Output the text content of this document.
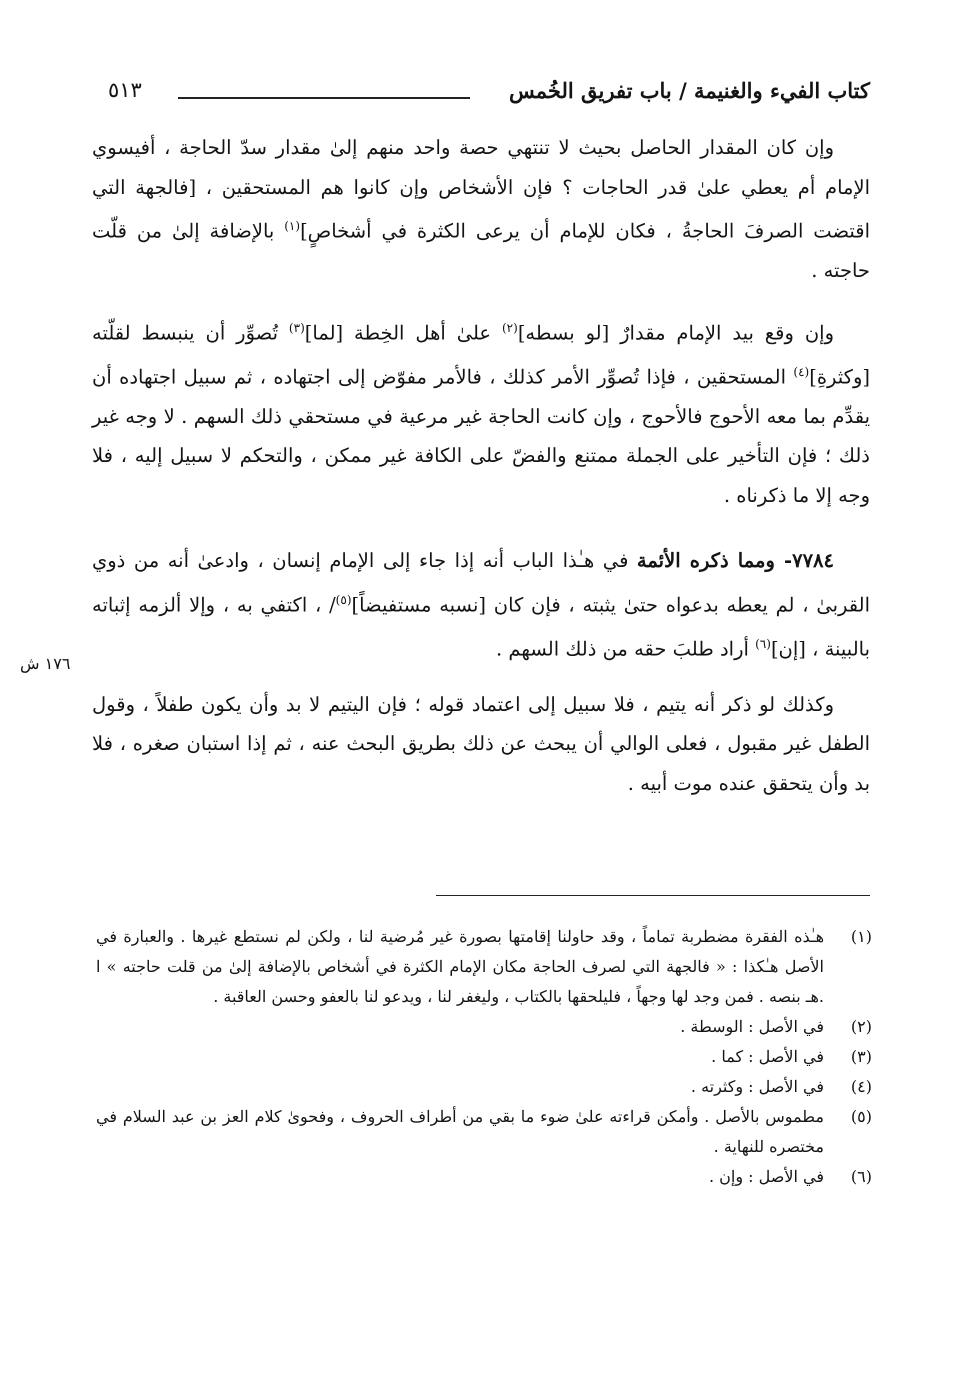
كتاب الفيء والغنيمة / باب تفريق الخُمس
٥١٣

وإن كان المقدار الحاصل بحيث لا تنتهي حصة واحد منهم إلىٰ مقدار سدّ الحاجة ، أفيسوي الإمام أم يعطي علىٰ قدر الحاجات ؟ فإن الأشخاص وإن كانوا هم المستحقين ، [فالجهة التي اقتضت الصرفَ الحاجةُ ، فكان للإمام أن يرعى الكثرة في أشخاصٍ]$^{(١)}$ بالإضافة إلىٰ من قلّت حاجته .

وإن وقع بيد الإمام مقدارٌ [لو بسطه]$^{(٢)}$ علىٰ أهل الخِطة [لما]$^{(٣)}$ تُصوِّر أن ينبسط لقلّته [وكثرةِ]$^{(٤)}$ المستحقين ، فإذا تُصوِّر الأمر كذلك ، فالأمر مفوّض إلى اجتهاده ، ثم سبيل اجتهاده أن يقدِّم بما معه الأحوج فالأحوج ، وإن كانت الحاجة غير مرعية في مستحقي ذلك السهم . لا وجه غير ذلك ؛ فإن التأخير على الجملة ممتنع والفضّ على الكافة غير ممكن ، والتحكم لا سبيل إليه ، فلا وجه إلا ما ذكرناه .

٧٧٨٤- ومما ذكره الأئمة في هـٰذا الباب أنه إذا جاء إلى الإمام إنسان ، وادعىٰ أنه من ذوي القربىٰ ، لم يعطه بدعواه حتىٰ يثبته ، فإن كان [نسبه مستفيضاً]$^{(٥)}$/ ، اكتفي به ، وإلا ألزمه إثباته بالبينة ، [إن]$^{(٦)}$ أراد طلبَ حقه من ذلك السهم .

وكذلك لو ذكر أنه يتيم ، فلا سبيل إلى اعتماد قوله ؛ فإن اليتيم لا بد وأن يكون طفلاً ، وقول الطفل غير مقبول ، فعلى الوالي أن يبحث عن ذلك بطريق البحث عنه ، ثم إذا استبان صغره ، فلا بد وأن يتحقق عنده موت أبيه .

١٧٦ ش
(١)
هـٰذه الفقرة مضطربة تماماً ، وقد حاولنا إقامتها بصورة غير مُرضية لنا ، ولكن لم نستطع غيرها . والعبارة في الأصل هـٰكذا : « فالجهة التي لصرف الحاجة مكان الإمام الكثرة في أشخاص بالإضافة إلىٰ من قلت حاجته » ا .هـ بنصه . فمن وجد لها وجهاً ، فليلحقها بالكتاب ، وليغفر لنا ، ويدعو لنا بالعفو وحسن العاقبة .
(٢)
في الأصل : الوسطة .
(٣)
في الأصل : كما .
(٤)
في الأصل : وكثرته .
(٥)
مطموس بالأصل . وأمكن قراءته علىٰ ضوء ما بقي من أطراف الحروف ، وفحوىٰ كلام العز بن عبد السلام في مختصره للنهاية .
(٦)
في الأصل : وإن .
